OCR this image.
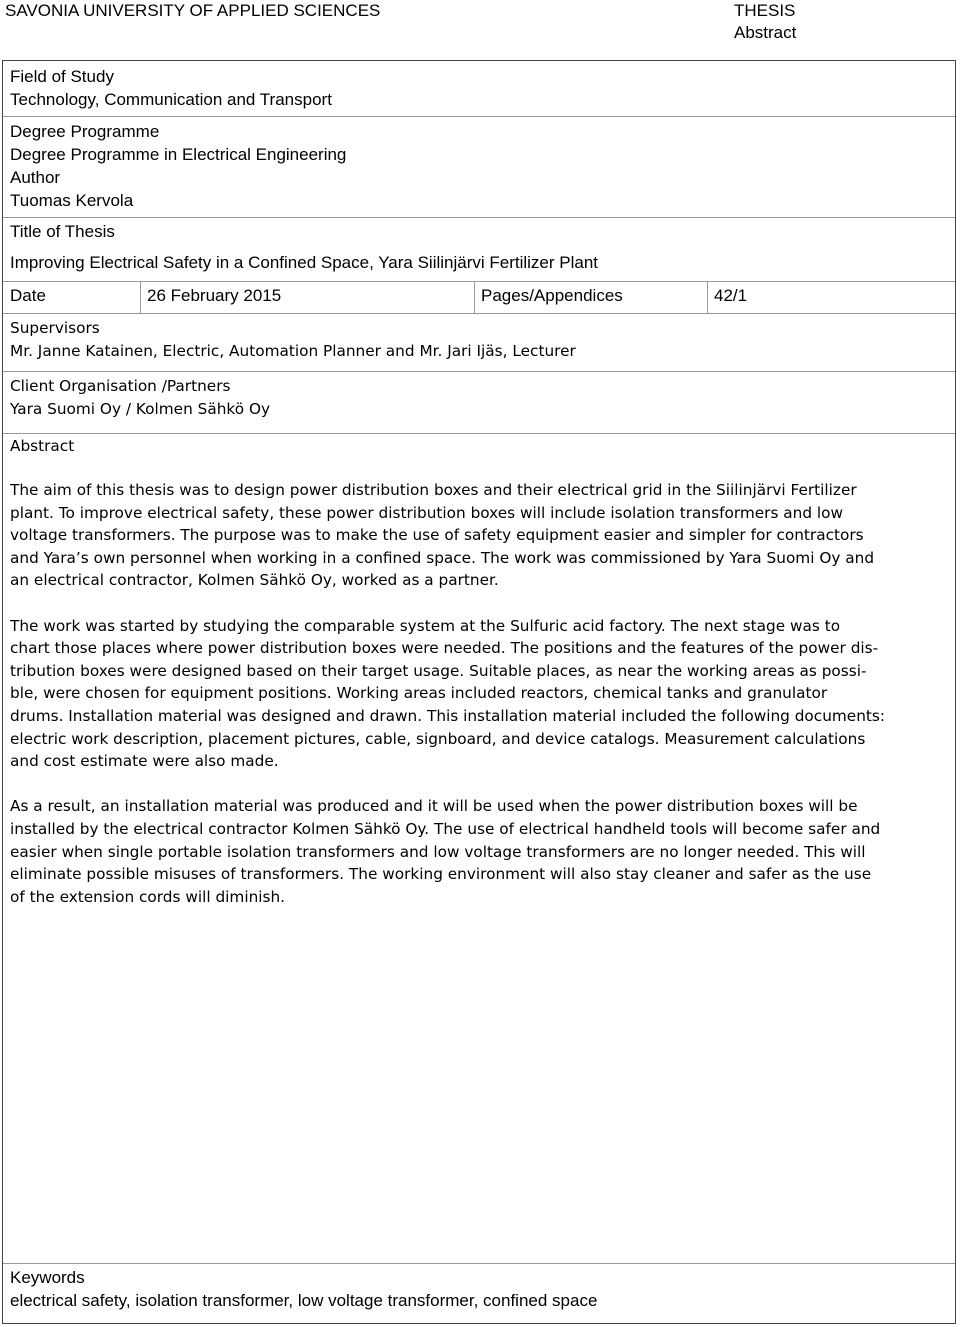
SAVONIA UNIVERSITY OF APPLIED SCIENCES	THESIS
Abstract
Field of Study
Technology, Communication and Transport
Degree Programme
Degree Programme in Electrical Engineering
Author
Tuomas Kervola
Title of Thesis
Improving Electrical Safety in a Confined Space, Yara Siilinjärvi Fertilizer Plant
Date	26 February 2015	Pages/Appendices	42/1
Supervisors
Mr. Janne Katainen, Electric, Automation Planner and Mr. Jari Ijäs, Lecturer
Client Organisation /Partners
Yara Suomi Oy / Kolmen Sähkö Oy
Abstract

The aim of this thesis was to design power distribution boxes and their electrical grid in the Siilinjärvi Fertilizer
plant. To improve electrical safety, these power distribution boxes will include isolation transformers and low
voltage transformers. The purpose was to make the use of safety equipment easier and simpler for contractors
and Yara’s own personnel when working in a confined space. The work was commissioned by Yara Suomi Oy and
an electrical contractor, Kolmen Sähkö Oy, worked as a partner.

The work was started by studying the comparable system at the Sulfuric acid factory. The next stage was to
chart those places where power distribution boxes were needed. The positions and the features of the power dis-
tribution boxes were designed based on their target usage. Suitable places, as near the working areas as possi-
ble, were chosen for equipment positions. Working areas included reactors, chemical tanks and granulator
drums. Installation material was designed and drawn. This installation material included the following documents:
electric work description, placement pictures, cable, signboard, and device catalogs. Measurement calculations
and cost estimate were also made.

As a result, an installation material was produced and it will be used when the power distribution boxes will be
installed by the electrical contractor Kolmen Sähkö Oy. The use of electrical handheld tools will become safer and
easier when single portable isolation transformers and low voltage transformers are no longer needed. This will
eliminate possible misuses of transformers. The working environment will also stay cleaner and safer as the use
of the extension cords will diminish.

Keywords
electrical safety, isolation transformer, low voltage transformer, confined space
